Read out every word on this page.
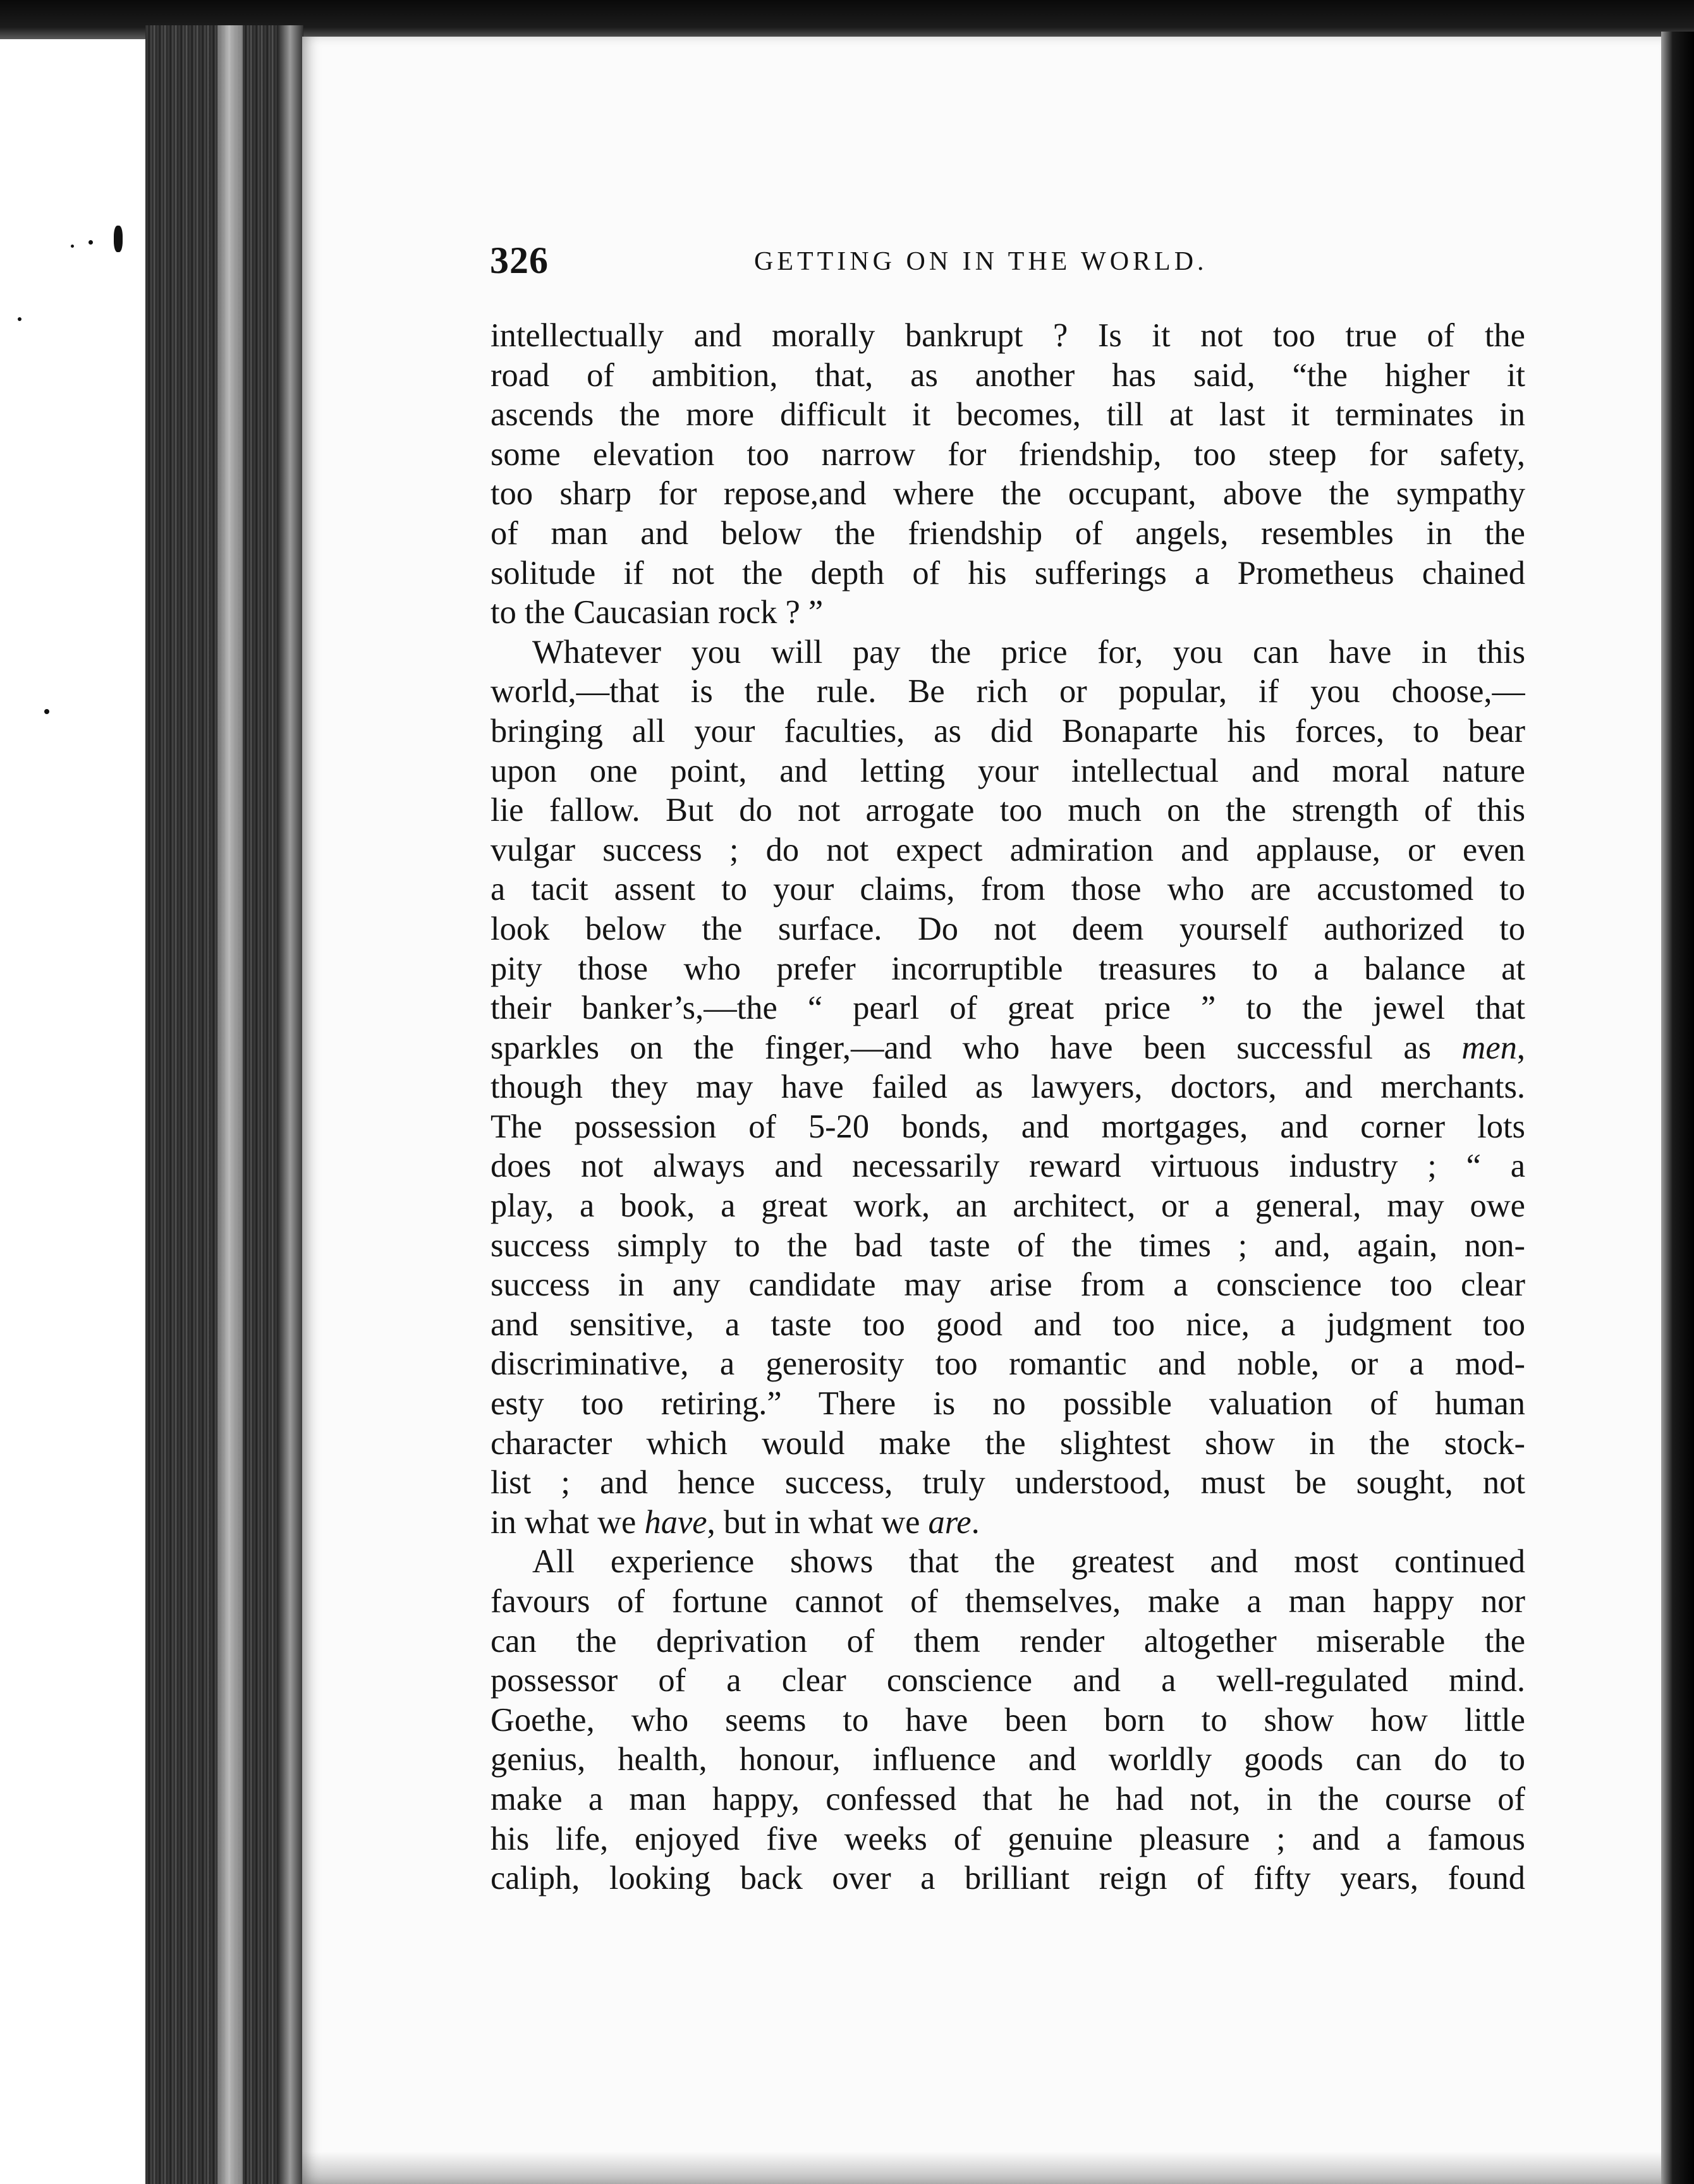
326	GETTING ON IN THE WORLD.
intellectually and morally bankrupt ? Is it not too true of the
road of ambition, that, as another has said, “the higher it
ascends the more difficult it becomes, till at last it terminates in
some elevation too narrow for friendship, too steep for safety,
too sharp for repose,and where the occupant, above the sympathy
of man and below the friendship of angels, resembles in the
solitude if not the depth of his sufferings a Prometheus chained
to the Caucasian rock ? ”
Whatever you will pay the price for, you can have in this
world,—that is the rule. Be rich or popular, if you choose,—
bringing all your faculties, as did Bonaparte his forces, to bear
upon one point, and letting your intellectual and moral nature
lie fallow. But do not arrogate too much on the strength of this
vulgar success ; do not expect admiration and applause, or even
a tacit assent to your claims, from those who are accustomed to
look below the surface. Do not deem yourself authorized to
pity those who prefer incorruptible treasures to a balance at
their banker’s,—the “ pearl of great price ” to the jewel that
sparkles on the finger,—and who have been successful as men,
though they may have failed as lawyers, doctors, and merchants.
The possession of 5-20 bonds, and mortgages, and corner lots
does not always and necessarily reward virtuous industry ; “ a
play, a book, a great work, an architect, or a general, may owe
success simply to the bad taste of the times ; and, again, non-
success in any candidate may arise from a conscience too clear
and sensitive, a taste too good and too nice, a judgment too
discriminative, a generosity too romantic and noble, or a mod-
esty too retiring.” There is no possible valuation of human
character which would make the slightest show in the stock-
list ; and hence success, truly understood, must be sought, not
in what we have, but in what we are.
All experience shows that the greatest and most continued
favours of fortune cannot of themselves, make a man happy nor
can the deprivation of them render altogether miserable the
possessor of a clear conscience and a well-regulated mind.
Goethe, who seems to have been born to show how little
genius, health, honour, influence and worldly goods can do to
make a man happy, confessed that he had not, in the course of
his life, enjoyed five weeks of genuine pleasure ; and a famous
caliph, looking back over a brilliant reign of fifty years, found
